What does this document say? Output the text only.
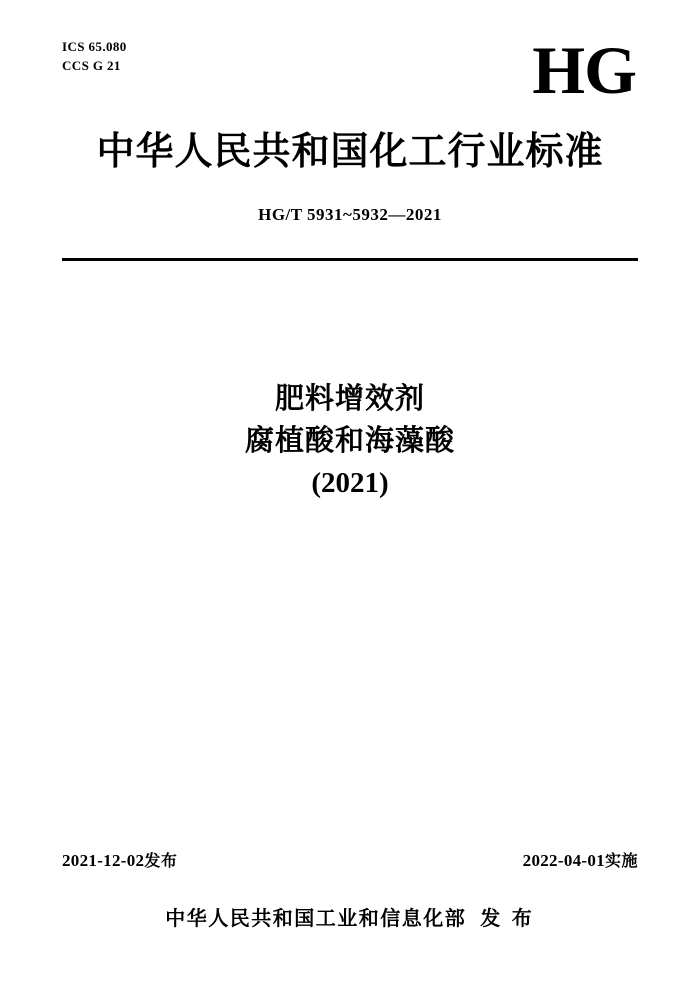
ICS 65.080
CCS G 21	HG
中华人民共和国化工行业标准
HG/T 5931~5932—2021
肥料增效剂
腐植酸和海藻酸
(2021)
2021-12-02发布	2022-04-01实施
中华人民共和国工业和信息化部 发 布
